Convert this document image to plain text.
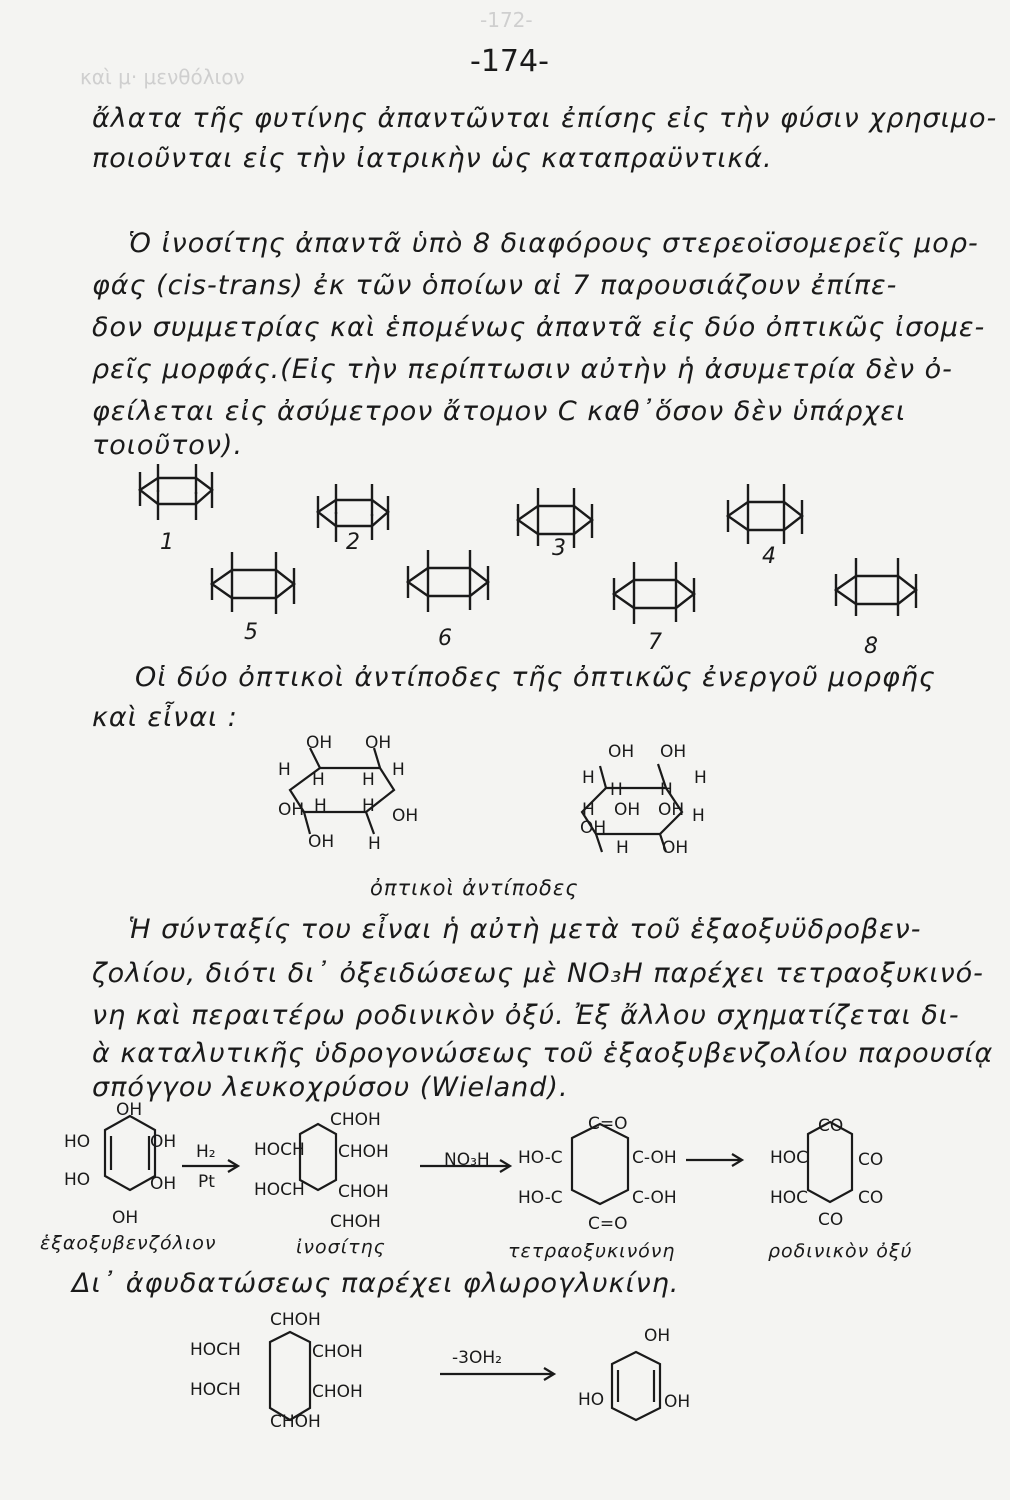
καὶ μ· μενθόλιον
-172-
-174-
ἄλατα τῆς φυτίνης ἀπαντῶνται ἐπίσης εἰς τὴν φύσιν χρησιμο-
ποιοῦνται εἰς τὴν ἰατρικὴν ὡς καταπραϋντικά.
Ὁ ἰνοσίτης ἀπαντᾶ ὑπὸ 8 διαφόρους στερεοϊσομερεῖς μορ-
φάς (cis-trans) ἐκ τῶν ὁποίων αἱ 7 παρουσιάζουν ἐπίπε-
δον συμμετρίας καὶ ἑπομένως ἀπαντᾶ εἰς δύο ὀπτικῶς ἰσομε-
ρεῖς μορφάς.(Εἰς τὴν περίπτωσιν αὐτὴν ἡ ἀσυμετρία δὲν ὀ-
φείλεται εἰς ἀσύμετρον ἄτομον C καθ᾽ὅσον δὲν ὑπάρχει
τοιοῦτον).
1	2	3	4
5	6	7	8
Οἱ δύο ὀπτικοὶ ἀντίποδες τῆς ὀπτικῶς ἐνεργοῦ μορφῆς
καὶ εἶναι :
OH OH
H H H H
OH H H OH
OH H
OH OH
H
H H
H
H OH OH H
OH
H OH
ὀπτικοὶ ἀντίποδες
Ἡ σύνταξίς του εἶναι ἡ αὐτὴ μετὰ τοῦ ἑξαοξυϋδροβεν-
ζολίου, διότι δι᾽ ὀξειδώσεως μὲ NO₃H παρέχει τετραοξυκινό-
νη καὶ περαιτέρω ροδινικὸν ὀξύ. Ἐξ ἄλλου σχηματίζεται δι-
ὰ καταλυτικῆς ὑδρογονώσεως τοῦ ἑξαοξυβενζολίου παρουσίᾳ
σπόγγου λευκοχρύσου (Wieland).
OH
HO	OH
HO	OH
OH
H₂
Pt
CHOH
HOCH CHOH
HOCH CHOH
CHOH
NO₃H
C=O
HO-C	C-OH
HO-C	C-OH
C=O
CO
HOC	CO
HOC	CO
CO
ἑξαοξυβενζόλιον	ἰνοσίτης	τετραοξυκινόνη	ροδινικὸν ὀξύ
Δι᾽ ἀφυδατώσεως παρέχει φλωρογλυκίνη.
CHOH
HOCH	CHOH
HOCH	CHOH
CHOH
-3OH₂
OH
HO	OH
